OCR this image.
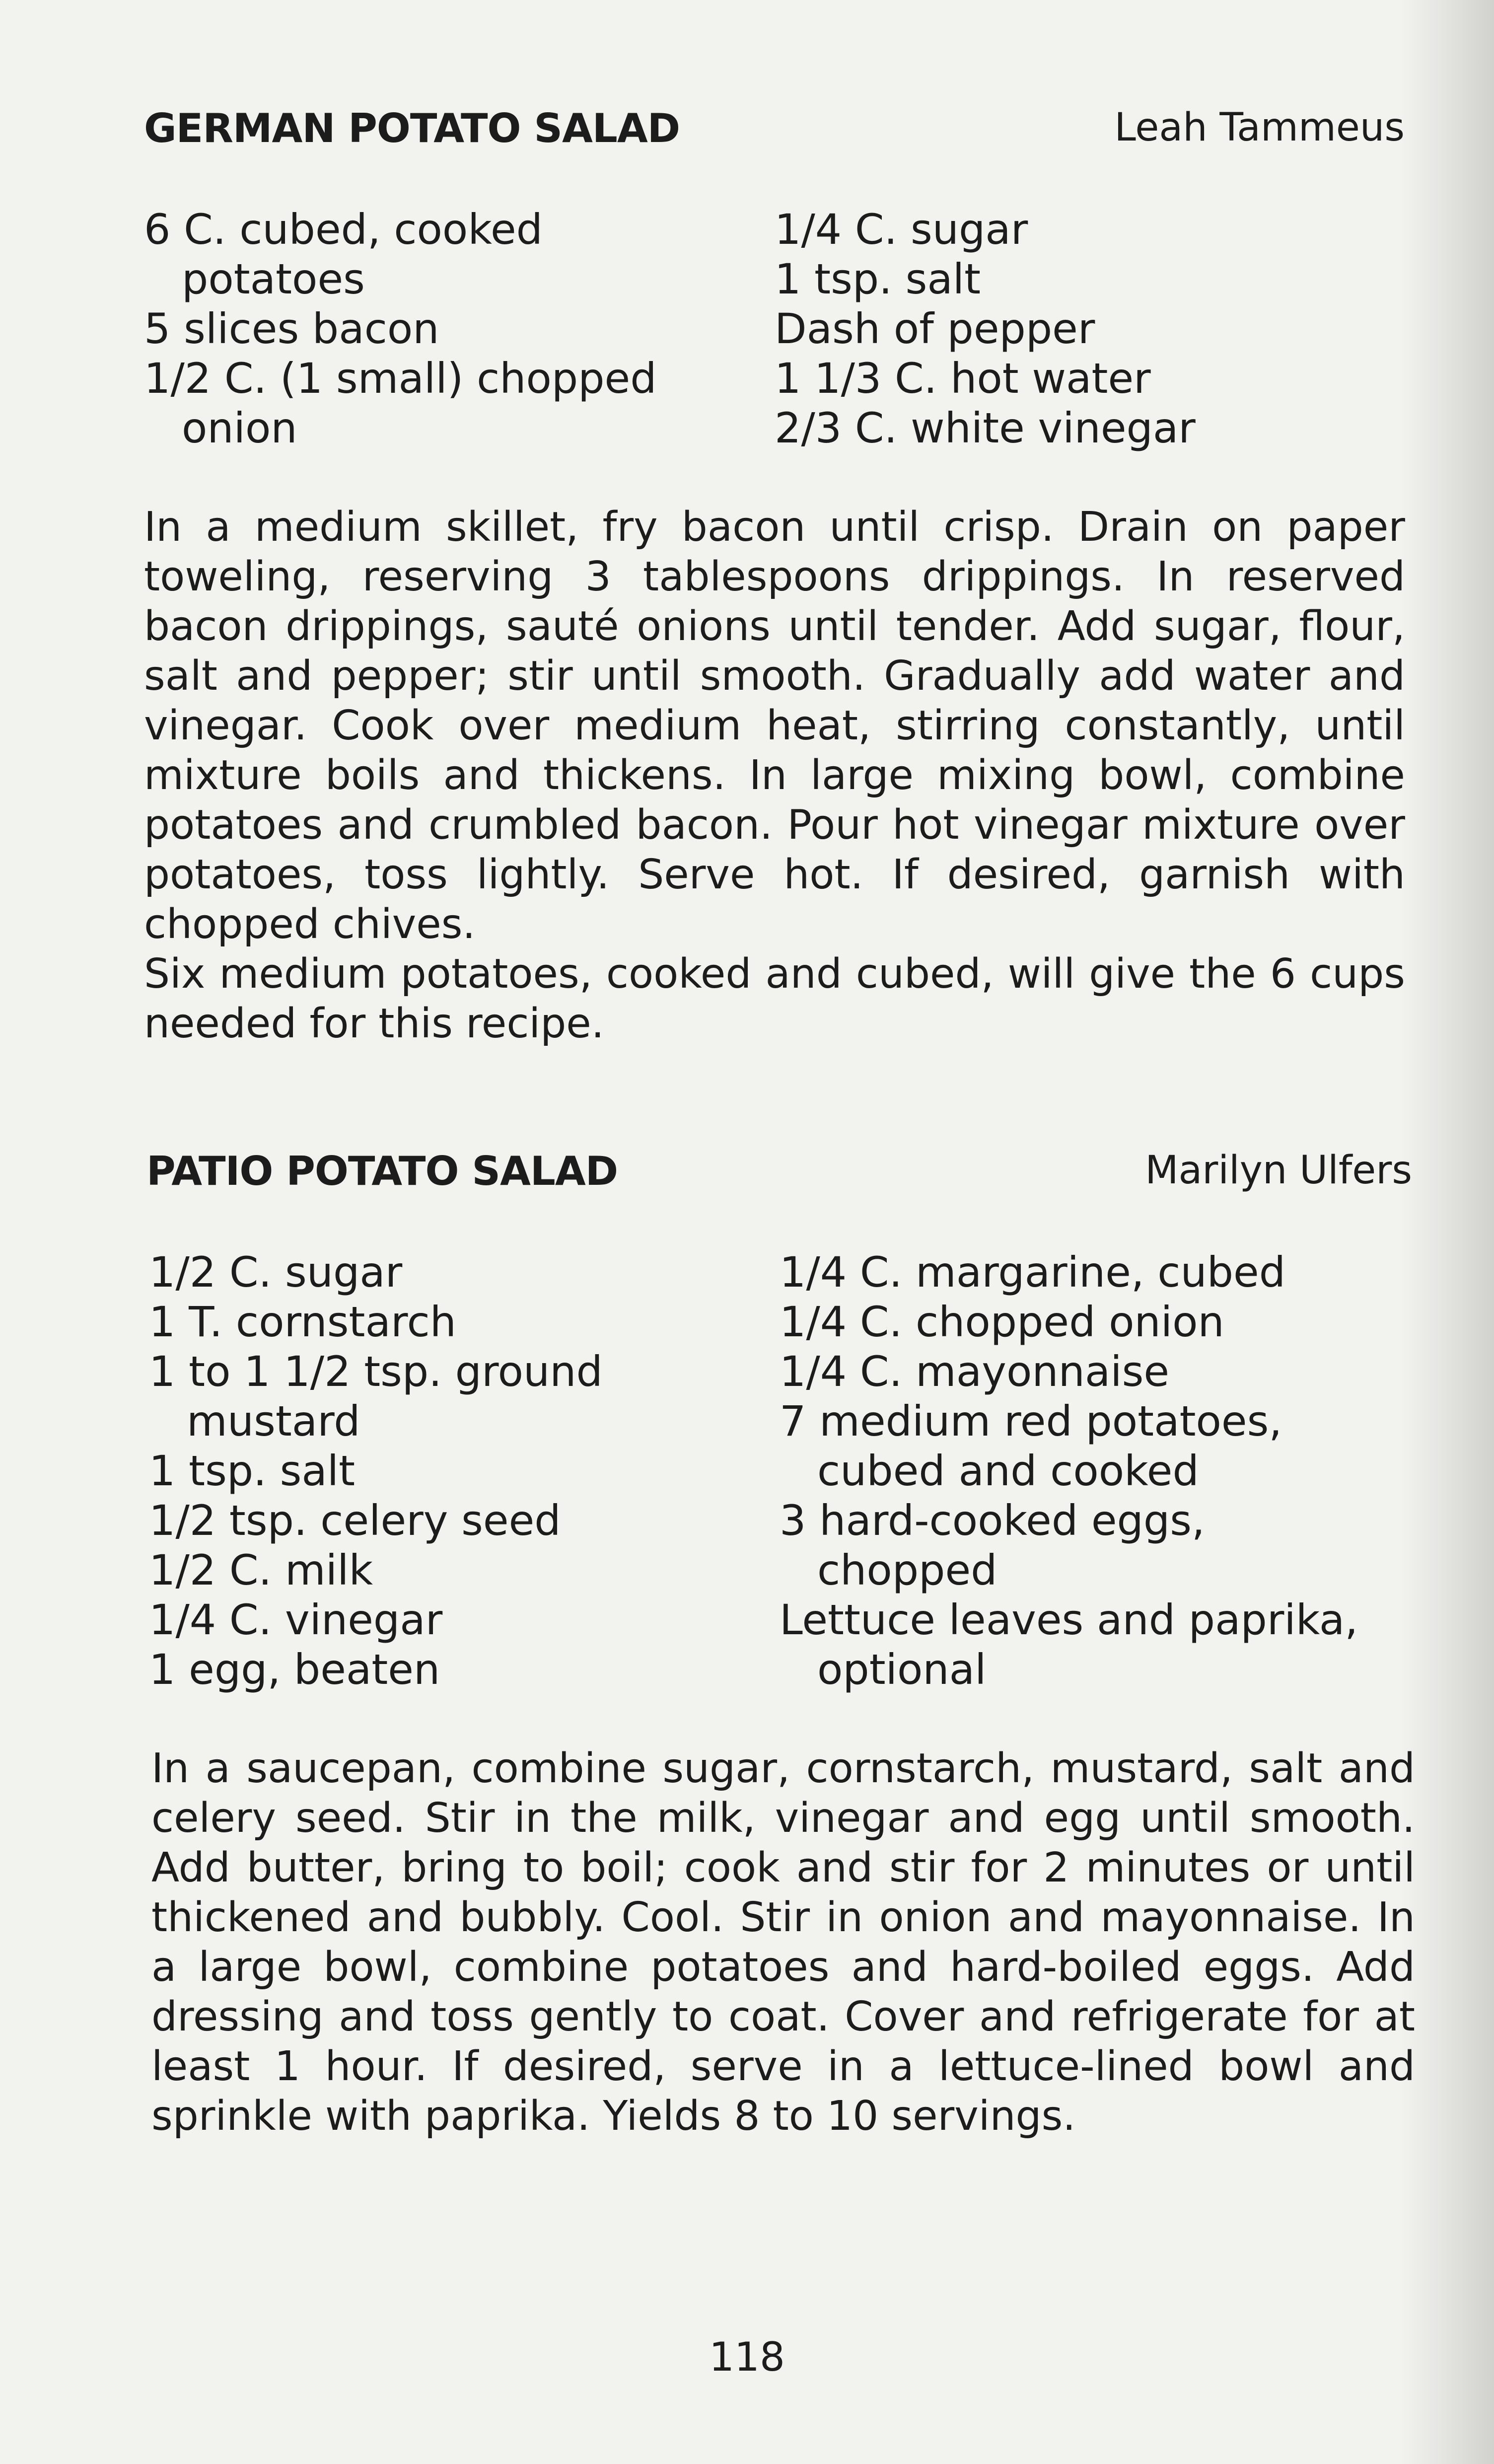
GERMAN POTATO SALAD	Leah Tammeus
6 C. cubed, cooked
potatoes
5 slices bacon
1/2 C. (1 small) chopped
onion
1/4 C. sugar
1 tsp. salt
Dash of pepper
1 1/3 C. hot water
2/3 C. white vinegar
In a medium skillet, fry bacon until crisp. Drain on paper toweling, reserving 3 tablespoons drippings. In reserved bacon drippings, sauté onions until tender. Add sugar, flour, salt and pepper; stir until smooth. Gradually add water and vinegar. Cook over medium heat, stirring constantly, until mixture boils and thickens. In large mixing bowl, combine potatoes and crumbled bacon. Pour hot vinegar mixture over potatoes, toss lightly. Serve hot. If desired, garnish with chopped chives.
Six medium potatoes, cooked and cubed, will give the 6 cups needed for this recipe.
PATIO POTATO SALAD	Marilyn Ulfers
1/2 C. sugar
1 T. cornstarch
1 to 1 1/2 tsp. ground
mustard
1 tsp. salt
1/2 tsp. celery seed
1/2 C. milk
1/4 C. vinegar
1 egg, beaten
1/4 C. margarine, cubed
1/4 C. chopped onion
1/4 C. mayonnaise
7 medium red potatoes,
cubed and cooked
3 hard-cooked eggs,
chopped
Lettuce leaves and paprika,
optional
In a saucepan, combine sugar, cornstarch, mustard, salt and celery seed. Stir in the milk, vinegar and egg until smooth. Add butter, bring to boil; cook and stir for 2 minutes or until thickened and bubbly. Cool. Stir in onion and mayonnaise. In a large bowl, combine potatoes and hard-boiled eggs. Add dressing and toss gently to coat. Cover and refrigerate for at least 1 hour. If desired, serve in a lettuce-lined bowl and sprinkle with paprika. Yields 8 to 10 servings.
118
